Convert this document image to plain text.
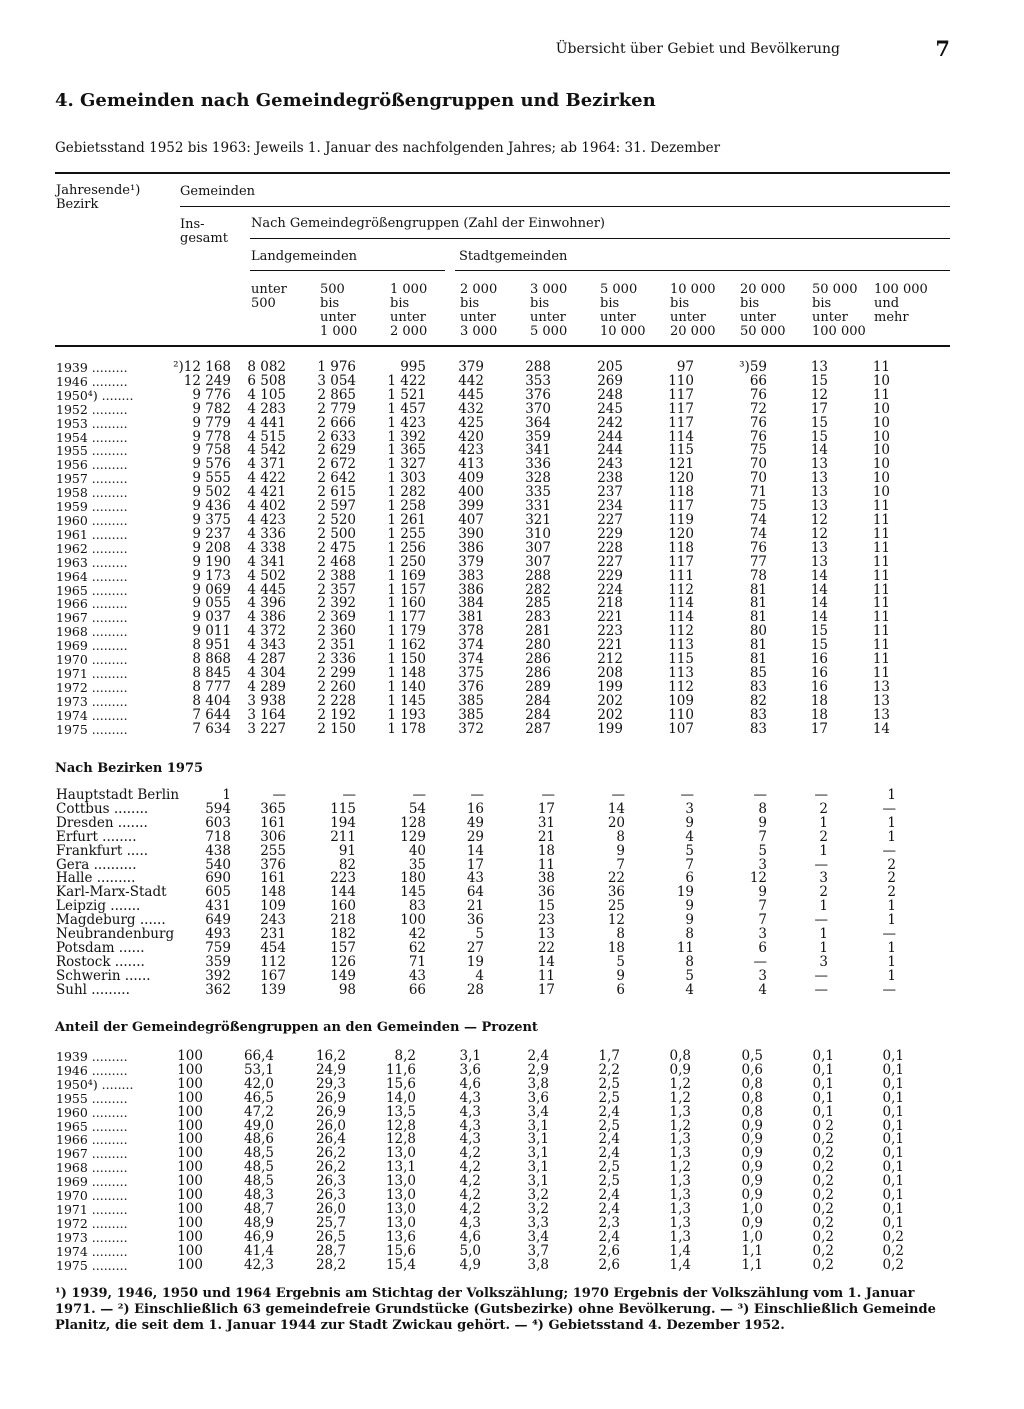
Übersicht über Gebiet und Bevölkerung	7
4. Gemeinden nach Gemeindegrößengruppen und Bezirken
Gebietsstand 1952 bis 1963: Jeweils 1. Januar des nachfolgenden Jahres; ab 1964: 31. Dezember
Jahresende¹)
Bezirk
Gemeinden
Ins-
gesamt
Nach Gemeindegrößengruppen (Zahl der Einwohner)
Landgemeinden	Stadtgemeinden
unter
500
500
bis
unter
1 000
1 000
bis
unter
2 000
2 000
bis
unter
3 000
3 000
bis
unter
5 000
5 000
bis
unter
10 000
10 000
bis
unter
20 000
20 000
bis
unter
50 000
50 000
bis
unter
100 000
100 000
und
mehr
1939 .........
1946 .........
1950⁴) ........
1952 .........
1953 .........
1954 .........
1955 .........
1956 .........
1957 .........
1958 .........
1959 .........
1960 .........
1961 .........
1962 .........
1963 .........
1964 .........
1965 .........
1966 .........
1967 .........
1968 .........
1969 .........
1970 .........
1971 .........
1972 .........
1973 .........
1974 .........
1975 .........
²)12 168
12 249
9 776
9 782
9 779
9 778
9 758
9 576
9 555
9 502
9 436
9 375
9 237
9 208
9 190
9 173
9 069
9 055
9 037
9 011
8 951
8 868
8 845
8 777
8 404
7 644
7 634
8 082
6 508
4 105
4 283
4 441
4 515
4 542
4 371
4 422
4 421
4 402
4 423
4 336
4 338
4 341
4 502
4 445
4 396
4 386
4 372
4 343
4 287
4 304
4 289
3 938
3 164
3 227
1 976
3 054
2 865
2 779
2 666
2 633
2 629
2 672
2 642
2 615
2 597
2 520
2 500
2 475
2 468
2 388
2 357
2 392
2 369
2 360
2 351
2 336
2 299
2 260
2 228
2 192
2 150
995
1 422
1 521
1 457
1 423
1 392
1 365
1 327
1 303
1 282
1 258
1 261
1 255
1 256
1 250
1 169
1 157
1 160
1 177
1 179
1 162
1 150
1 148
1 140
1 145
1 193
1 178
379
442
445
432
425
420
423
413
409
400
399
407
390
386
379
383
386
384
381
378
374
374
375
376
385
385
372
288
353
376
370
364
359
341
336
328
335
331
321
310
307
307
288
282
285
283
281
280
286
286
289
284
284
287
205
269
248
245
242
244
244
243
238
237
234
227
229
228
227
229
224
218
221
223
221
212
208
199
202
202
199
97
110
117
117
117
114
115
121
120
118
117
119
120
118
117
111
112
114
114
112
113
115
113
112
109
110
107
³)59
66
76
72
76
76
75
70
70
71
75
74
74
76
77
78
81
81
81
80
81
81
85
83
82
83
83
13
15
12
17
15
15
14
13
13
13
13
12
12
13
13
14
14
14
14
15
15
16
16
16
18
18
17
11
10
11
10
10
10
10
10
10
10
11
11
11
11
11
11
11
11
11
11
11
11
11
13
13
13
14
Nach Bezirken 1975
Hauptstadt Berlin
Cottbus ........
Dresden .......
Erfurt ........
Frankfurt .....
Gera ..........
Halle .........
Karl-Marx-Stadt
Leipzig .......
Magdeburg ......
Neubrandenburg
Potsdam ......
Rostock .......
Schwerin ......
Suhl .........
1
594
603
718
438
540
690
605
431
649
493
759
359
392
362
—
365
161
306
255
376
161
148
109
243
231
454
112
167
139
—
115
194
211
91
82
223
144
160
218
182
157
126
149
98
—
54
128
129
40
35
180
145
83
100
42
62
71
43
66
—
16
49
29
14
17
43
64
21
36
5
27
19
4
28
—
17
31
21
18
11
38
36
15
23
13
22
14
11
17
—
14
20
8
9
7
22
36
25
12
8
18
5
9
6
—
3
9
4
5
7
6
19
9
9
8
11
8
5
4
—
8
9
7
5
3
12
9
7
7
3
6
—
3
4
—
2
1
2
1
—
3
2
1
—
1
1
3
—
—
1
—
1
1
—
2
2
2
1
1
—
1
1
1
—
Anteil der Gemeindegrößengruppen an den Gemeinden — Prozent
1939 .........
1946 .........
1950⁴) ........
1955 .........
1960 .........
1965 .........
1966 .........
1967 .........
1968 .........
1969 .........
1970 .........
1971 .........
1972 .........
1973 .........
1974 .........
1975 .........
100
100
100
100
100
100
100
100
100
100
100
100
100
100
100
100
66,4
53,1
42,0
46,5
47,2
49,0
48,6
48,5
48,5
48,5
48,3
48,7
48,9
46,9
41,4
42,3
16,2
24,9
29,3
26,9
26,9
26,0
26,4
26,2
26,2
26,3
26,3
26,0
25,7
26,5
28,7
28,2
8,2
11,6
15,6
14,0
13,5
12,8
12,8
13,0
13,1
13,0
13,0
13,0
13,0
13,6
15,6
15,4
3,1
3,6
4,6
4,3
4,3
4,3
4,3
4,2
4,2
4,2
4,2
4,2
4,3
4,6
5,0
4,9
2,4
2,9
3,8
3,6
3,4
3,1
3,1
3,1
3,1
3,1
3,2
3,2
3,3
3,4
3,7
3,8
1,7
2,2
2,5
2,5
2,4
2,5
2,4
2,4
2,5
2,5
2,4
2,4
2,3
2,4
2,6
2,6
0,8
0,9
1,2
1,2
1,3
1,2
1,3
1,3
1,2
1,3
1,3
1,3
1,3
1,3
1,4
1,4
0,5
0,6
0,8
0,8
0,8
0,9
0,9
0,9
0,9
0,9
0,9
1,0
0,9
1,0
1,1
1,1
0,1
0,1
0,1
0,1
0,1
0 2
0,2
0,2
0,2
0,2
0,2
0,2
0,2
0,2
0,2
0,2
0,1
0,1
0,1
0,1
0,1
0,1
0,1
0,1
0,1
0,1
0,1
0,1
0,1
0,2
0,2
0,2
¹) 1939, 1946, 1950 und 1964 Ergebnis am Stichtag der Volkszählung; 1970 Ergebnis der Volkszählung vom 1. Januar 1971. — ²) Einschließlich 63 gemeindefreie Grundstücke (Gutsbezirke) ohne Bevölkerung. — ³) Einschließlich Gemeinde Planitz, die seit dem 1. Januar 1944 zur Stadt Zwickau gehört. — ⁴) Gebietsstand 4. Dezember 1952.
